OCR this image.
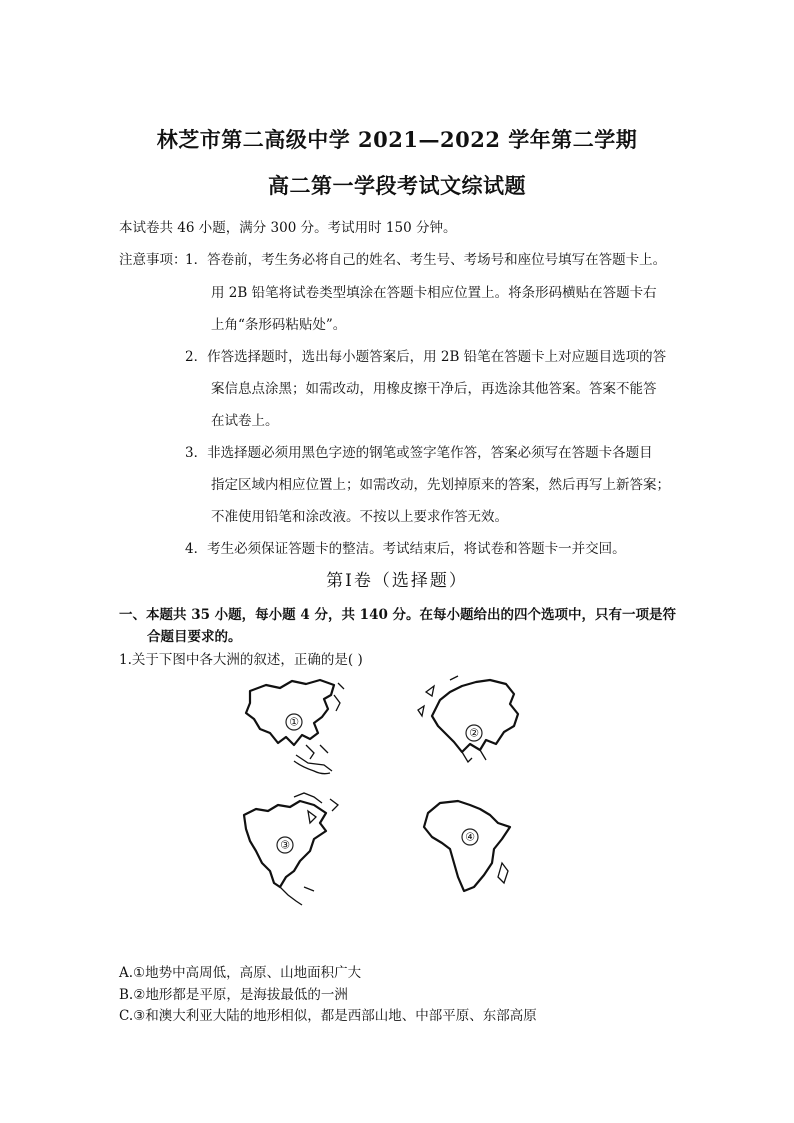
林芝市第二高级中学 2021—2022 学年第二学期
高二第一学段考试文综试题
本试卷共 46 小题，满分 300 分。考试用时 150 分钟。
注意事项：
1．答卷前，考生务必将自己的姓名、考生号、考场号和座位号填写在答题卡上。
用 2B 铅笔将试卷类型填涂在答题卡相应位置上。将条形码横贴在答题卡右
上角“条形码粘贴处”。
2．作答选择题时，选出每小题答案后，用 2B 铅笔在答题卡上对应题目选项的答
案信息点涂黑；如需改动，用橡皮擦干净后，再选涂其他答案。答案不能答
在试卷上。
3．非选择题必须用黑色字迹的钢笔或签字笔作答，答案必须写在答题卡各题目
指定区域内相应位置上；如需改动，先划掉原来的答案，然后再写上新答案；
不准使用铅笔和涂改液。不按以上要求作答无效。
4．考生必须保证答题卡的整洁。考试结束后，将试卷和答题卡一并交回。
第Ⅰ卷（选择题）
一、本题共 35 小题，每小题 4 分，共 140 分。在每小题给出的四个选项中，只有一项是符
合题目要求的。
1.关于下图中各大洲的叙述，正确的是( )
①
②
③
④
A.①地势中高周低，高原、山地面积广大
B.②地形都是平原，是海拔最低的一洲
C.③和澳大利亚大陆的地形相似，都是西部山地、中部平原、东部高原
